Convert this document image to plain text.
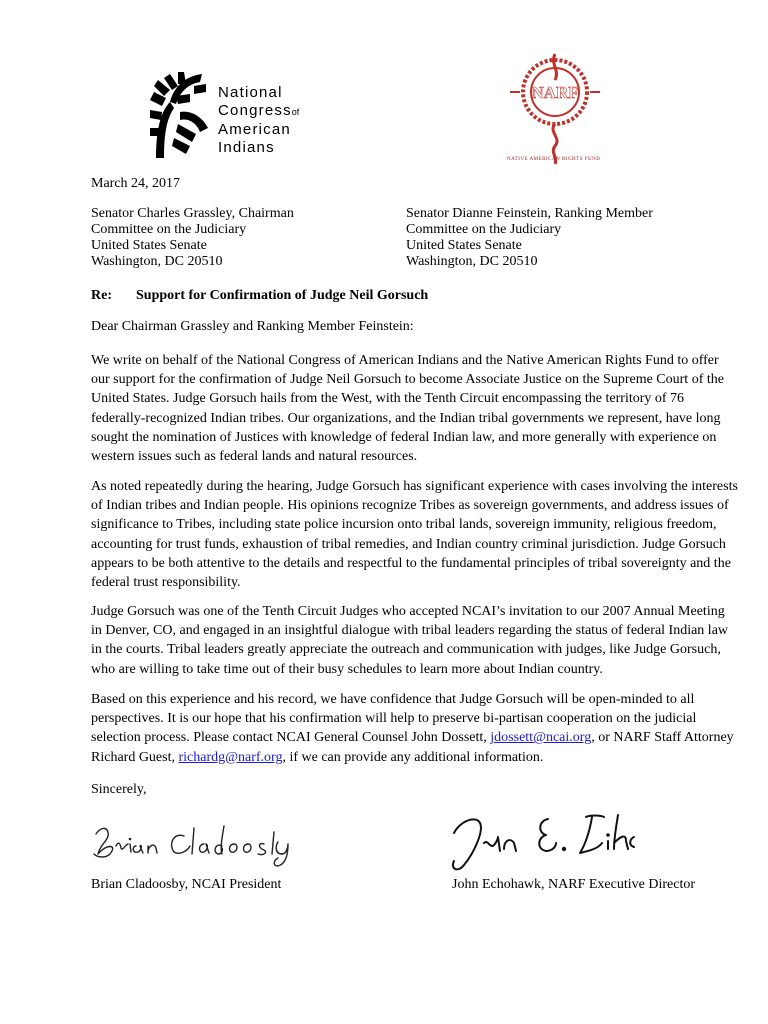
National
Congressof
American
Indians
NARF
NATIVE AMERICAN RIGHTS FUND
March 24, 2017
Senator Charles Grassley, Chairman
Committee on the Judiciary
United States Senate
Washington, DC 20510
Senator Dianne Feinstein, Ranking Member
Committee on the Judiciary
United States Senate
Washington, DC 20510
Re: Support for Confirmation of Judge Neil Gorsuch
Dear Chairman Grassley and Ranking Member Feinstein:
We write on behalf of the National Congress of American Indians and the Native American Rights Fund to offer
our support for the confirmation of Judge Neil Gorsuch to become Associate Justice on the Supreme Court of the
United States. Judge Gorsuch hails from the West, with the Tenth Circuit encompassing the territory of 76
federally-recognized Indian tribes. Our organizations, and the Indian tribal governments we represent, have long
sought the nomination of Justices with knowledge of federal Indian law, and more generally with experience on
western issues such as federal lands and natural resources.
As noted repeatedly during the hearing, Judge Gorsuch has significant experience with cases involving the interests
of Indian tribes and Indian people. His opinions recognize Tribes as sovereign governments, and address issues of
significance to Tribes, including state police incursion onto tribal lands, sovereign immunity, religious freedom,
accounting for trust funds, exhaustion of tribal remedies, and Indian country criminal jurisdiction. Judge Gorsuch
appears to be both attentive to the details and respectful to the fundamental principles of tribal sovereignty and the
federal trust responsibility.
Judge Gorsuch was one of the Tenth Circuit Judges who accepted NCAI’s invitation to our 2007 Annual Meeting
in Denver, CO, and engaged in an insightful dialogue with tribal leaders regarding the status of federal Indian law
in the courts. Tribal leaders greatly appreciate the outreach and communication with judges, like Judge Gorsuch,
who are willing to take time out of their busy schedules to learn more about Indian country.
Based on this experience and his record, we have confidence that Judge Gorsuch will be open-minded to all
perspectives. It is our hope that his confirmation will help to preserve bi-partisan cooperation on the judicial
selection process. Please contact NCAI General Counsel John Dossett, jdossett@ncai.org, or NARF Staff Attorney
Richard Guest, richardg@narf.org, if we can provide any additional information.
Sincerely,
Brian Cladoosby, NCAI President	John Echohawk, NARF Executive Director
